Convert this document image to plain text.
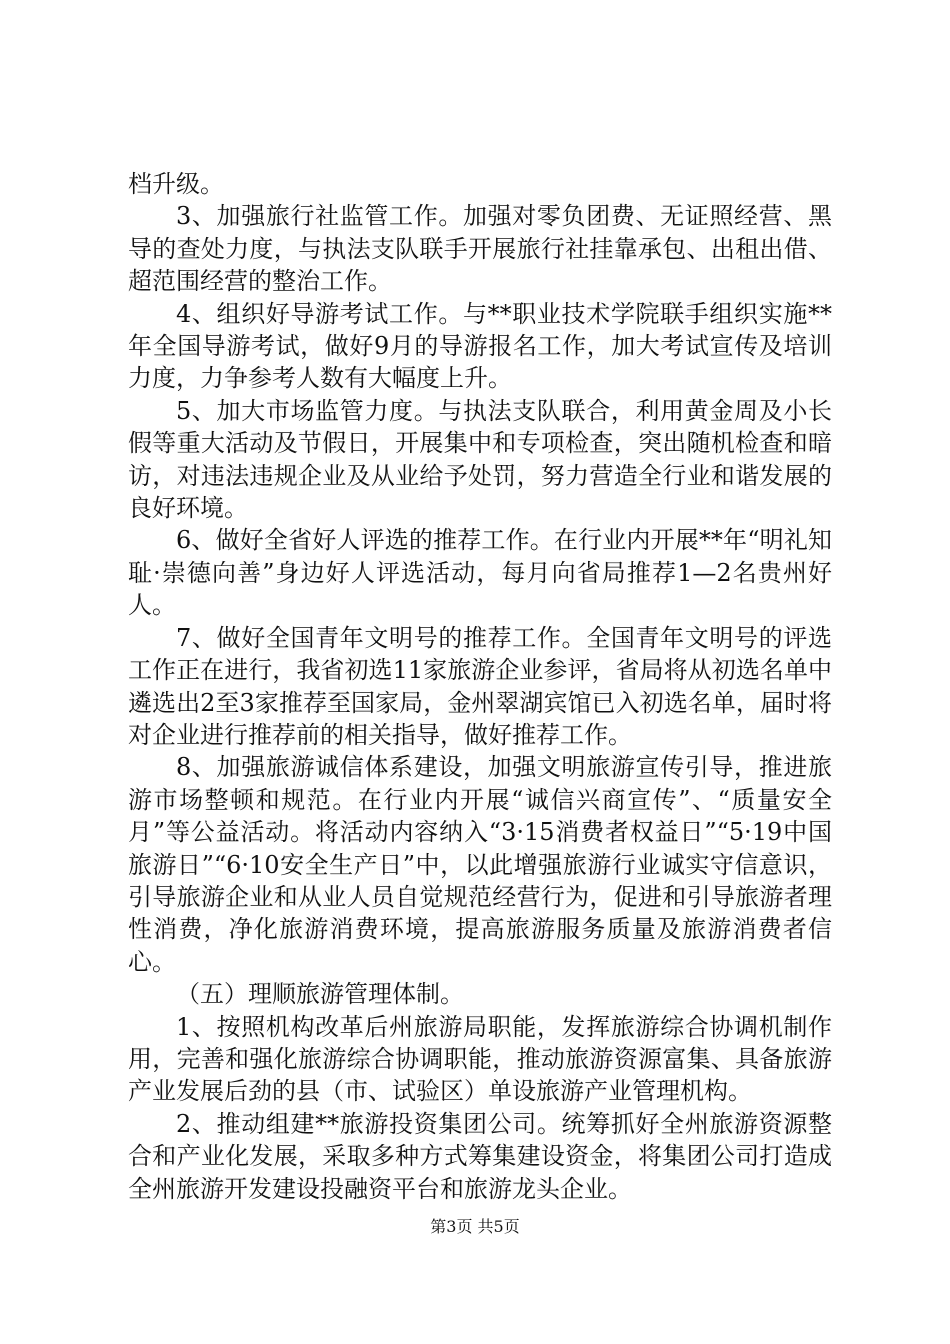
档升级。

3、加强旅行社监管工作。加强对零负团费、无证照经营、黑导的查处力度，与执法支队联手开展旅行社挂靠承包、出租出借、超范围经营的整治工作。

4、组织好导游考试工作。与**职业技术学院联手组织实施**年全国导游考试，做好9月的导游报名工作，加大考试宣传及培训力度，力争参考人数有大幅度上升。

5、加大市场监管力度。与执法支队联合，利用黄金周及小长假等重大活动及节假日，开展集中和专项检查，突出随机检查和暗访，对违法违规企业及从业给予处罚，努力营造全行业和谐发展的良好环境。

6、做好全省好人评选的推荐工作。在行业内开展**年“明礼知耻·崇德向善”身边好人评选活动，每月向省局推荐1—2名贵州好人。

7、做好全国青年文明号的推荐工作。全国青年文明号的评选工作正在进行，我省初选11家旅游企业参评，省局将从初选名单中遴选出2至3家推荐至国家局，金州翠湖宾馆已入初选名单，届时将对企业进行推荐前的相关指导，做好推荐工作。

8、加强旅游诚信体系建设，加强文明旅游宣传引导，推进旅游市场整顿和规范。在行业内开展“诚信兴商宣传”、“质量安全月”等公益活动。将活动内容纳入“3·15消费者权益日”“5·19中国旅游日”“6·10安全生产日”中，以此增强旅游行业诚实守信意识，引导旅游企业和从业人员自觉规范经营行为，促进和引导旅游者理性消费，净化旅游消费环境，提高旅游服务质量及旅游消费者信心。

（五）理顺旅游管理体制。

1、按照机构改革后州旅游局职能，发挥旅游综合协调机制作用，完善和强化旅游综合协调职能，推动旅游资源富集、具备旅游产业发展后劲的县（市、试验区）单设旅游产业管理机构。

2、推动组建**旅游投资集团公司。统筹抓好全州旅游资源整合和产业化发展，采取多种方式筹集建设资金，将集团公司打造成全州旅游开发建设投融资平台和旅游龙头企业。

第3页 共5页
